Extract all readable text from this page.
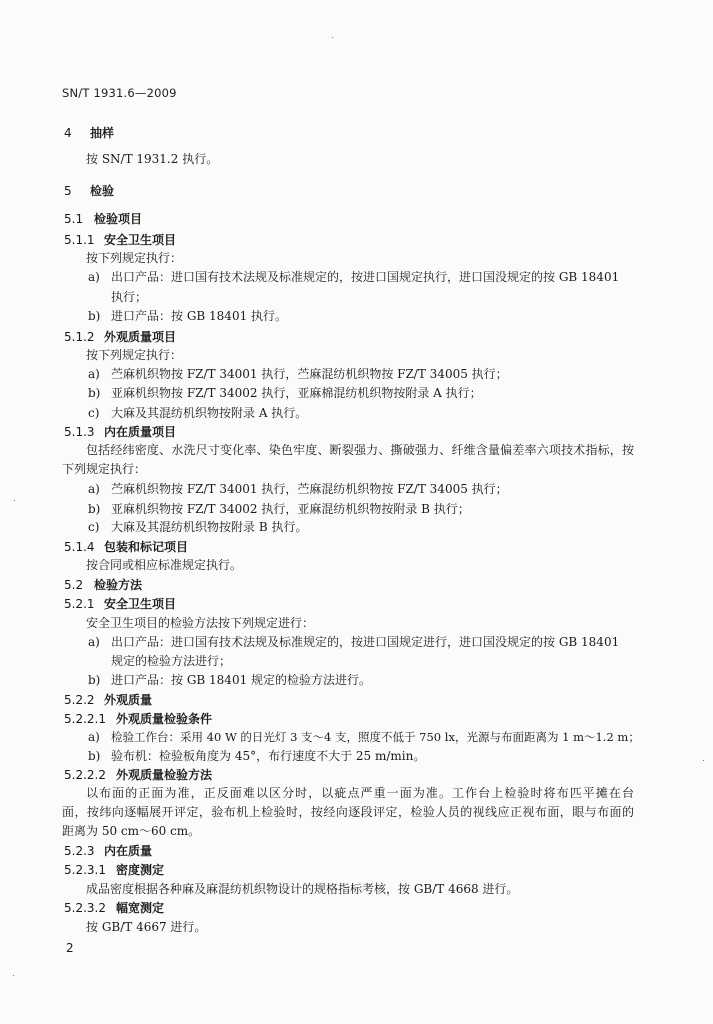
SN/T 1931.6—2009
4 抽样
按 SN/T 1931.2 执行。
5 检验
5.1 检验项目
5.1.1 安全卫生项目
按下列规定执行：
a) 出口产品：进口国有技术法规及标准规定的，按进口国规定执行，进口国没规定的按 GB 18401
执行；
b) 进口产品：按 GB 18401 执行。
5.1.2 外观质量项目
按下列规定执行：
a) 苎麻机织物按 FZ/T 34001 执行，苎麻混纺机织物按 FZ/T 34005 执行；
b) 亚麻机织物按 FZ/T 34002 执行，亚麻棉混纺机织物按附录 A 执行；
c) 大麻及其混纺机织物按附录 A 执行。
5.1.3 内在质量项目
包括经纬密度、水洗尺寸变化率、染色牢度、断裂强力、撕破强力、纤维含量偏差率六项技术指标，按
下列规定执行：
a) 苎麻机织物按 FZ/T 34001 执行，苎麻混纺机织物按 FZ/T 34005 执行；
b) 亚麻机织物按 FZ/T 34002 执行，亚麻混纺机织物按附录 B 执行；
c) 大麻及其混纺机织物按附录 B 执行。
5.1.4 包装和标记项目
按合同或相应标准规定执行。
5.2 检验方法
5.2.1 安全卫生项目
安全卫生项目的检验方法按下列规定进行：
a) 出口产品：进口国有技术法规及标准规定的，按进口国规定进行，进口国没规定的按 GB 18401
规定的检验方法进行；
b) 进口产品：按 GB 18401 规定的检验方法进行。
5.2.2 外观质量
5.2.2.1 外观质量检验条件
a) 检验工作台：采用 40 W 的日光灯 3 支～4 支，照度不低于 750 lx，光源与布面距离为 1 m～1.2 m；
b) 验布机：检验板角度为 45°，布行速度不大于 25 m/min。
5.2.2.2 外观质量检验方法
以布面的正面为准，正反面难以区分时，以疵点严重一面为准。工作台上检验时将布匹平摊在台
面，按纬向逐幅展开评定，验布机上检验时，按经向逐段评定，检验人员的视线应正视布面，眼与布面的
距离为 50 cm～60 cm。
5.2.3 内在质量
5.2.3.1 密度测定
成品密度根据各种麻及麻混纺机织物设计的规格指标考核，按 GB/T 4668 进行。
5.2.3.2 幅宽测定
按 GB/T 4667 进行。
2
